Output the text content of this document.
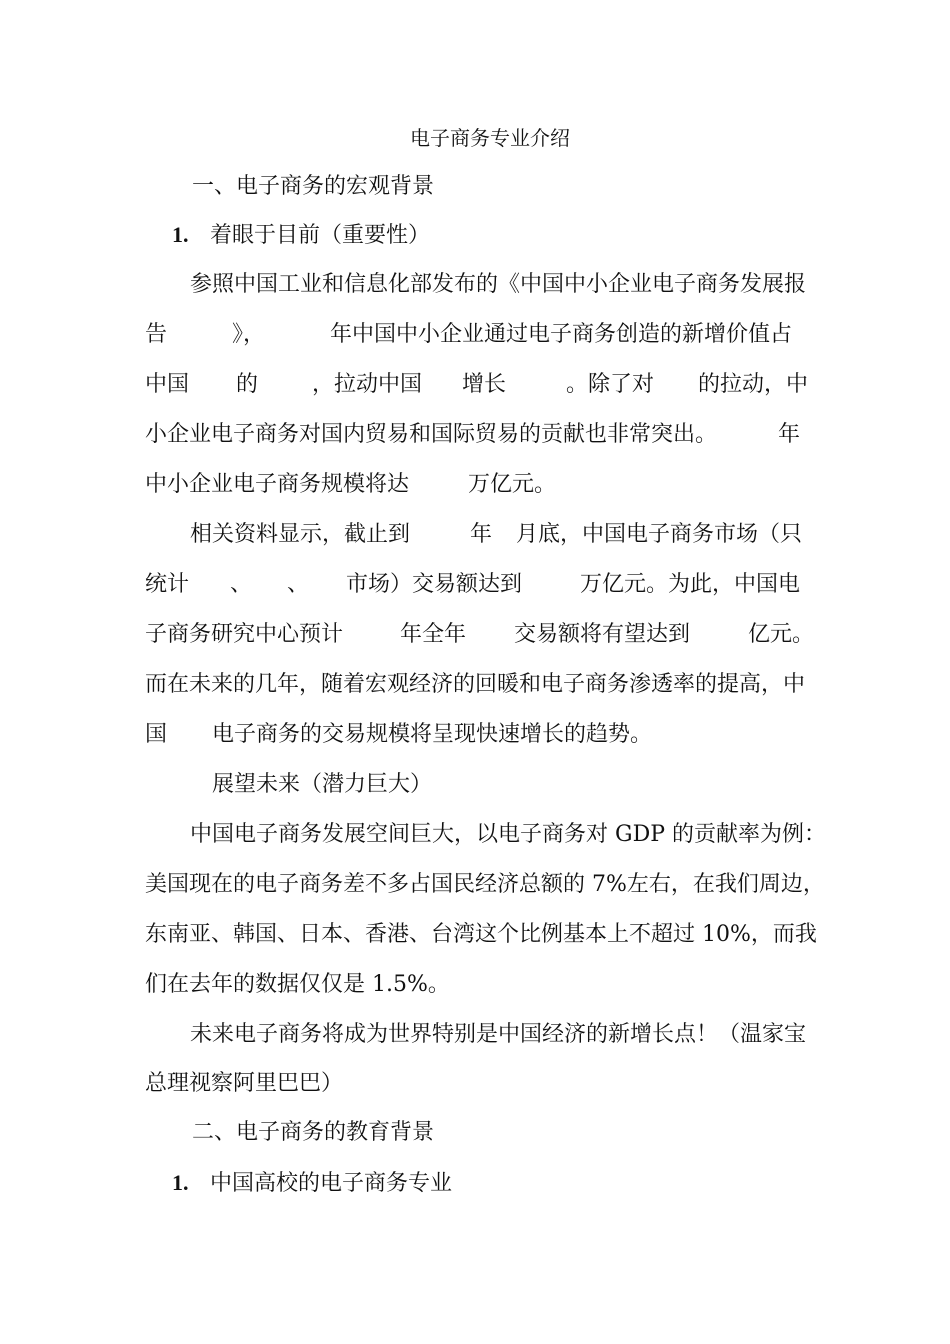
电子商务专业介绍
一、电子商务的宏观背景
1. 着眼于目前（重要性）
参照中国工业和信息化部发布的《中国中小企业电子商务发展报
告	》，	年中国中小企业通过电子商务创造的新增价值占
中国 的 ，拉动中国 增长	。除了对 的拉动，中
小企业电子商务对国内贸易和国际贸易的贡献也非常突出。	年
中小企业电子商务规模将达	万亿元。
相关资料显示，截止到	年 月底，中国电子商务市场（只
统计 、 、 市场）交易额达到	万亿元。为此，中国电
子商务研究中心预计	年全年 交易额将有望达到	亿元。
而在未来的几年，随着宏观经济的回暖和电子商务渗透率的提高，中
国 电子商务的交易规模将呈现快速增长的趋势。
展望未来（潜力巨大）
中国电子商务发展空间巨大，以电子商务对 GDP 的贡献率为例：
美国现在的电子商务差不多占国民经济总额的 7%左右，在我们周边，
东南亚、韩国、日本、香港、台湾这个比例基本上不超过 10%，而我
们在去年的数据仅仅是 1.5%。
未来电子商务将成为世界特别是中国经济的新增长点！（温家宝
总理视察阿里巴巴）
二、电子商务的教育背景
1. 中国高校的电子商务专业
